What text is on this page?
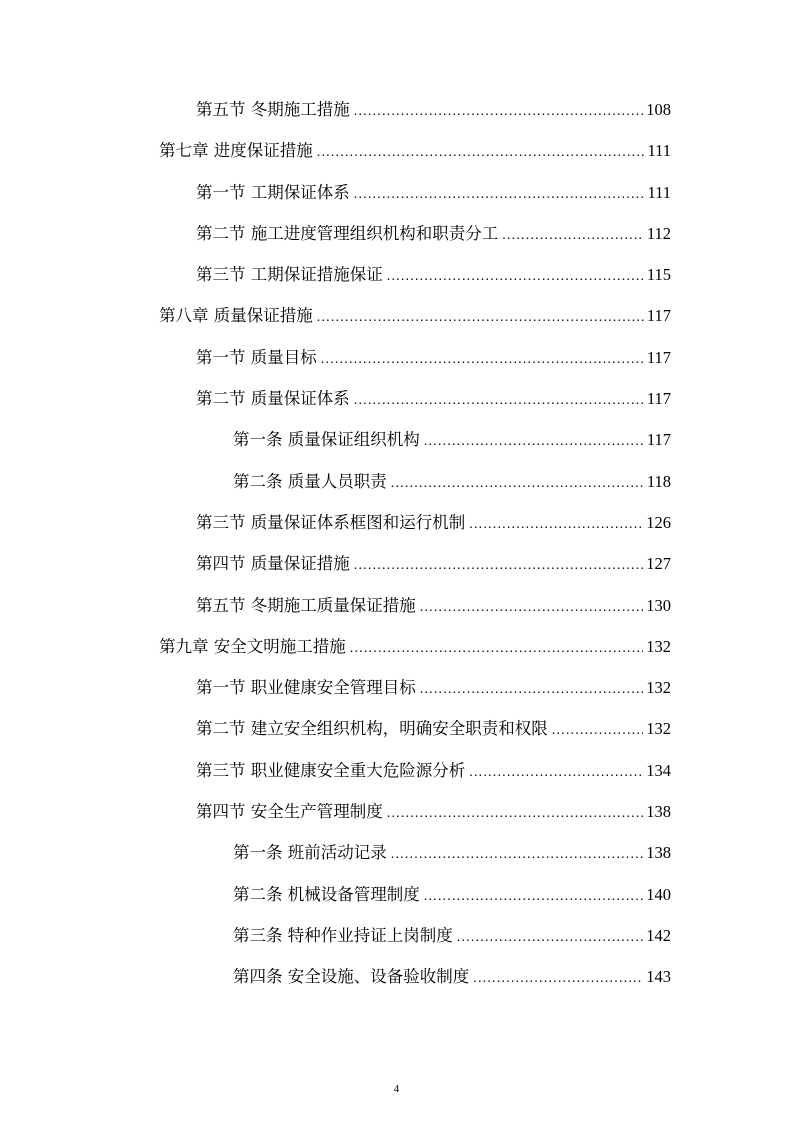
第五节 冬期施工措施 .....	108
第七章 进度保证措施 .....	111
第一节 工期保证体系 .....	111
第二节 施工进度管理组织机构和职责分工 .....	112
第三节 工期保证措施保证 .....	115
第八章 质量保证措施 .....	117
第一节 质量目标 .....	117
第二节 质量保证体系 .....	117
第一条 质量保证组织机构 .....	117
第二条 质量人员职责 .....	118
第三节 质量保证体系框图和运行机制 .....	126
第四节 质量保证措施 .....	127
第五节 冬期施工质量保证措施 .....	130
第九章 安全文明施工措施 .....	132
第一节 职业健康安全管理目标 .....	132
第二节 建立安全组织机构，明确安全职责和权限 .....	132
第三节 职业健康安全重大危险源分析 .....	134
第四节 安全生产管理制度 .....	138
第一条 班前活动记录 .....	138
第二条 机械设备管理制度 .....	140
第三条 特种作业持证上岗制度 .....	142
第四条 安全设施、设备验收制度 .....	143
4
